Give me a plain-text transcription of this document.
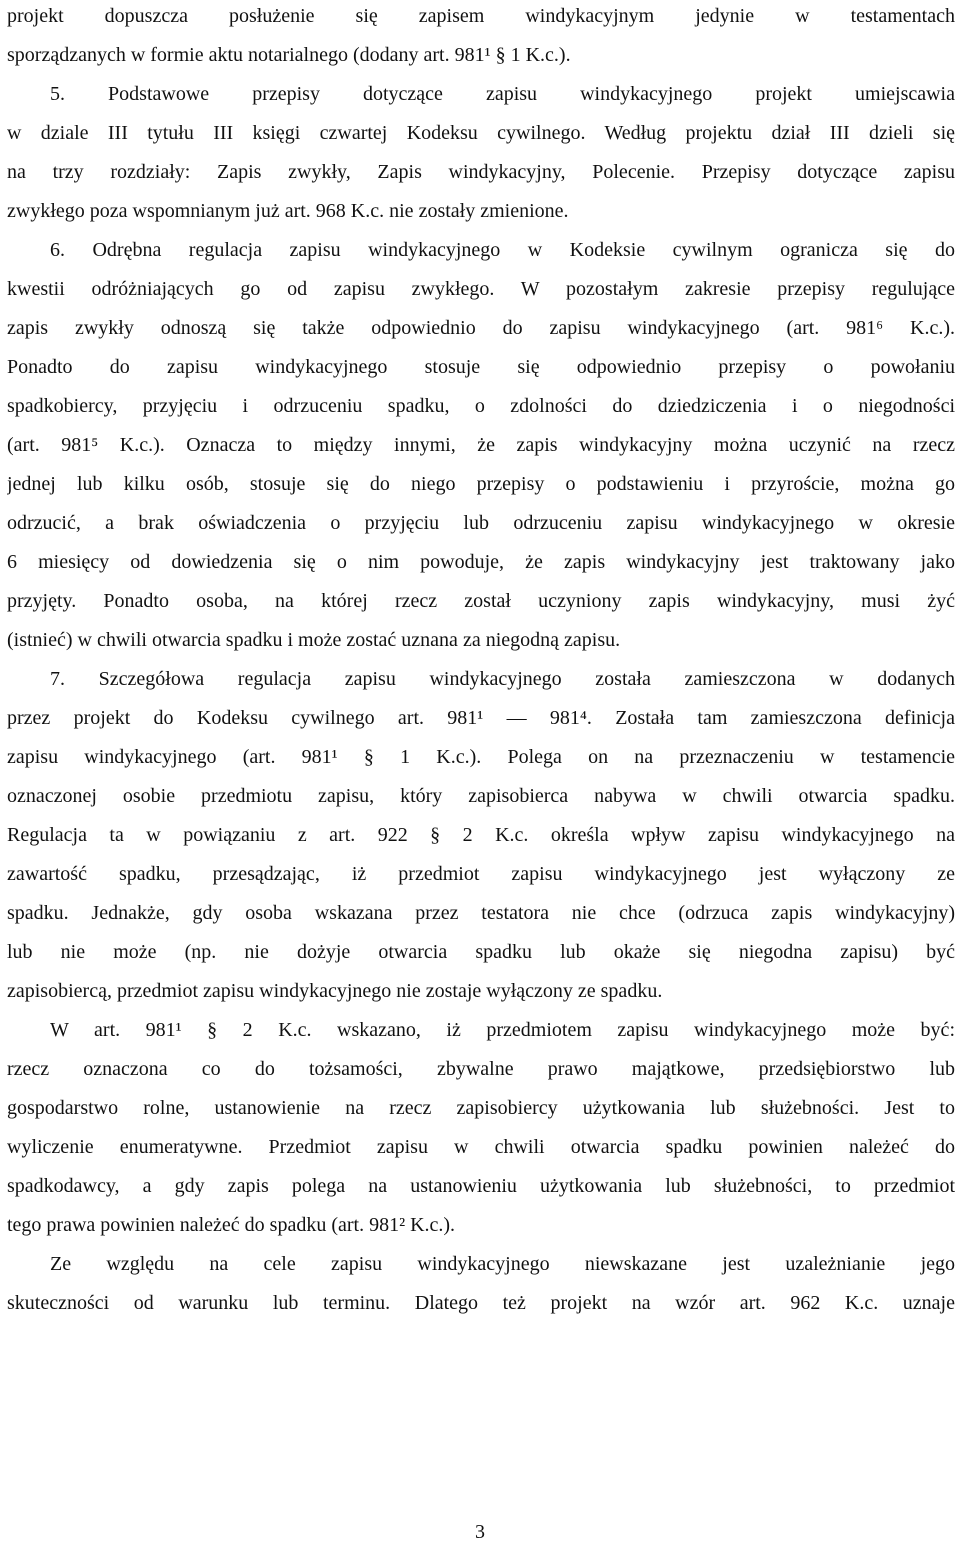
projekt dopuszcza posłużenie się zapisem windykacyjnym jedynie w testamentach
sporządzanych w formie aktu notarialnego (dodany art. 981¹ § 1 K.c.).
5. Podstawowe przepisy dotyczące zapisu windykacyjnego projekt umiejscawia
w dziale III tytułu III księgi czwartej Kodeksu cywilnego. Według projektu dział III dzieli się
na trzy rozdziały: Zapis zwykły, Zapis windykacyjny, Polecenie. Przepisy dotyczące zapisu
zwykłego poza wspomnianym już art. 968 K.c. nie zostały zmienione.
6. Odrębna regulacja zapisu windykacyjnego w Kodeksie cywilnym ogranicza się do
kwestii odróżniających go od zapisu zwykłego. W pozostałym zakresie przepisy regulujące
zapis zwykły odnoszą się także odpowiednio do zapisu windykacyjnego (art. 981⁶ K.c.).
Ponadto do zapisu windykacyjnego stosuje się odpowiednio przepisy o powołaniu
spadkobiercy, przyjęciu i odrzuceniu spadku, o zdolności do dziedziczenia i o niegodności
(art. 981⁵ K.c.). Oznacza to między innymi, że zapis windykacyjny można uczynić na rzecz
jednej lub kilku osób, stosuje się do niego przepisy o podstawieniu i przyroście, można go
odrzucić, a brak oświadczenia o przyjęciu lub odrzuceniu zapisu windykacyjnego w okresie
6 miesięcy od dowiedzenia się o nim powoduje, że zapis windykacyjny jest traktowany jako
przyjęty. Ponadto osoba, na której rzecz został uczyniony zapis windykacyjny, musi żyć
(istnieć) w chwili otwarcia spadku i może zostać uznana za niegodną zapisu.
7. Szczegółowa regulacja zapisu windykacyjnego została zamieszczona w dodanych
przez projekt do Kodeksu cywilnego art. 981¹ — 981⁴. Została tam zamieszczona definicja
zapisu windykacyjnego (art. 981¹ § 1 K.c.). Polega on na przeznaczeniu w testamencie
oznaczonej osobie przedmiotu zapisu, który zapisobierca nabywa w chwili otwarcia spadku.
Regulacja ta w powiązaniu z art. 922 § 2 K.c. określa wpływ zapisu windykacyjnego na
zawartość spadku, przesądzając, iż przedmiot zapisu windykacyjnego jest wyłączony ze
spadku. Jednakże, gdy osoba wskazana przez testatora nie chce (odrzuca zapis windykacyjny)
lub nie może (np. nie dożyje otwarcia spadku lub okaże się niegodna zapisu) być
zapisobiercą, przedmiot zapisu windykacyjnego nie zostaje wyłączony ze spadku.
W art. 981¹ § 2 K.c. wskazano, iż przedmiotem zapisu windykacyjnego może być:
rzecz oznaczona co do tożsamości, zbywalne prawo majątkowe, przedsiębiorstwo lub
gospodarstwo rolne, ustanowienie na rzecz zapisobiercy użytkowania lub służebności. Jest to
wyliczenie enumeratywne. Przedmiot zapisu w chwili otwarcia spadku powinien należeć do
spadkodawcy, a gdy zapis polega na ustanowieniu użytkowania lub służebności, to przedmiot
tego prawa powinien należeć do spadku (art. 981² K.c.).
Ze względu na cele zapisu windykacyjnego niewskazane jest uzależnianie jego
skuteczności od warunku lub terminu. Dlatego też projekt na wzór art. 962 K.c. uznaje
3
